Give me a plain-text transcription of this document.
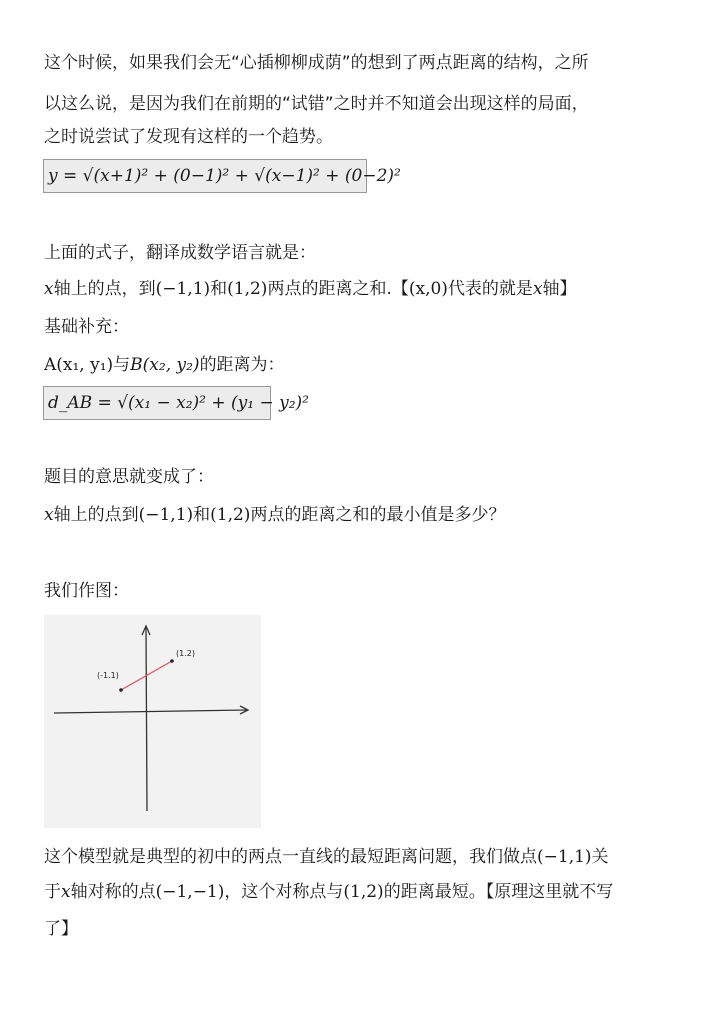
这个时候，如果我们会无“心插柳柳成荫”的想到了两点距离的结构，之所
以这么说，是因为我们在前期的“试错”之时并不知道会出现这样的局面，
之时说尝试了发现有这样的一个趋势。
y = √(x+1)² + (0−1)² + √(x−1)² + (0−2)²
上面的式子，翻译成数学语言就是：
x轴上的点，到(−1,1)和(1,2)两点的距离之和.【(x,0)代表的就是x轴】
基础补充：
A(x₁, y₁)与B(x₂, y₂)的距离为：
d_AB = √(x₁ − x₂)² + (y₁ − y₂)²
题目的意思就变成了：
x轴上的点到(−1,1)和(1,2)两点的距离之和的最小值是多少？
我们作图：
(-1.1)
(1.2)
这个模型就是典型的初中的两点一直线的最短距离问题，我们做点(−1,1)关
于x轴对称的点(−1,−1)，这个对称点与(1,2)的距离最短。【原理这里就不写
了】
